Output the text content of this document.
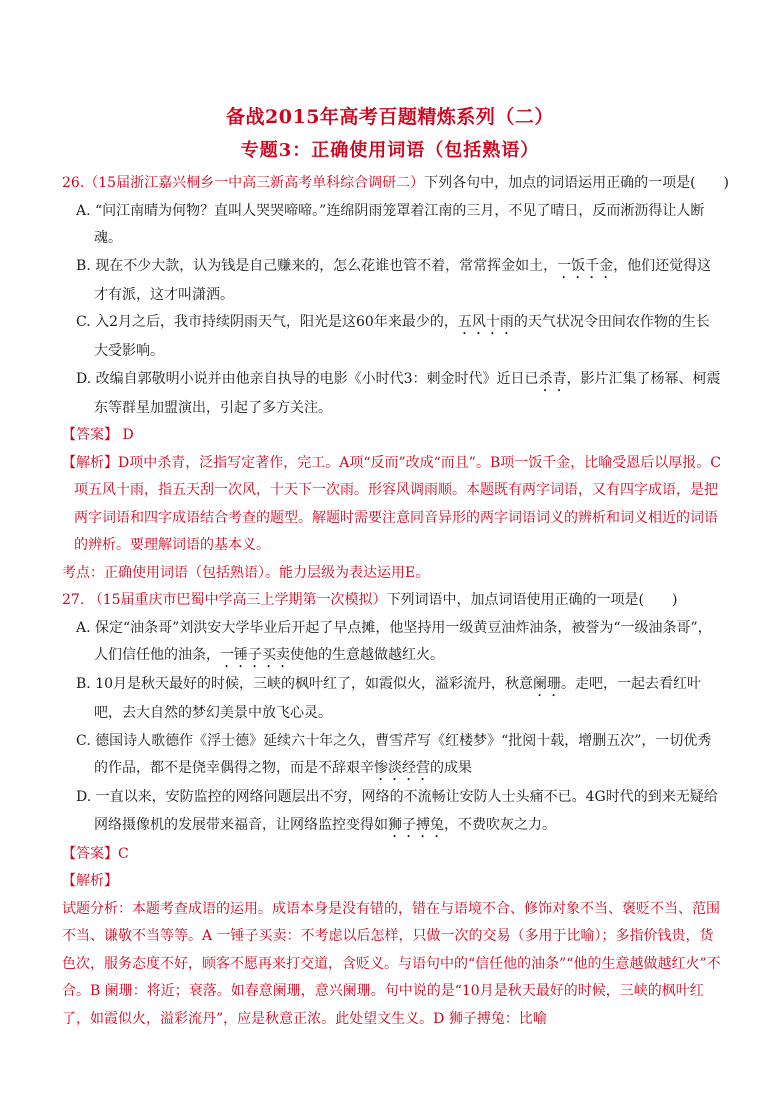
备战2015年高考百题精炼系列（二）
专题3：正确使用词语（包括熟语）

26.（15届浙江嘉兴桐乡一中高三新高考单科综合调研二）下列各句中，加点的词语运用正确的一项是(　　)

A. “问江南晴为何物？直叫人哭哭啼啼。”连绵阴雨笼罩着江南的三月，不见了晴日，反而淅沥得让人断魂。

B. 现在不少大款，认为钱是自己赚来的，怎么花谁也管不着，常常挥金如土，一饭千金，他们还觉得这才有派，这才叫潇洒。

C. 入2月之后，我市持续阴雨天气，阳光是这60年来最少的，五风十雨的天气状况令田间农作物的生长大受影响。

D. 改编自郭敬明小说并由他亲自执导的电影《小时代3：刺金时代》近日已杀青，影片汇集了杨幂、柯震东等群星加盟演出，引起了多方关注。

【答案】 D

【解析】D项中杀青，泛指写定著作，完工。A项“反而”改成“而且”。B项一饭千金，比喻受恩后以厚报。C项五风十雨，指五天刮一次风，十天下一次雨。形容风调雨顺。本题既有两字词语，又有四字成语，是把两字词语和四字成语结合考查的题型。解题时需要注意同音异形的两字词语词义的辨析和词义相近的词语的辨析。要理解词语的基本义。

考点：正确使用词语（包括熟语）。能力层级为表达运用E。

27. （15届重庆市巴蜀中学高三上学期第一次模拟）下列词语中，加点词语使用正确的一项是(　　)

A. 保定“油条哥”刘洪安大学毕业后开起了早点摊，他坚持用一级黄豆油炸油条，被誉为“一级油条哥”，人们信任他的油条，一锤子买卖使他的生意越做越红火。

B. 10月是秋天最好的时候，三峡的枫叶红了，如霞似火，溢彩流丹，秋意阑珊。走吧，一起去看红叶吧，去大自然的梦幻美景中放飞心灵。

C. 德国诗人歌德作《浮士德》延续六十年之久，曹雪芹写《红楼梦》“批阅十载，增删五次”，一切优秀的作品，都不是侥幸偶得之物，而是不辞艰辛惨淡经营的成果

D. 一直以来，安防监控的网络问题层出不穷，网络的不流畅让安防人士头痛不已。4G时代的到来无疑给网络摄像机的发展带来福音，让网络监控变得如狮子搏兔，不费吹灰之力。

【答案】C

【解析】

试题分析：本题考查成语的运用。成语本身是没有错的，错在与语境不合、修饰对象不当、褒贬不当、范围不当、谦敬不当等等。A 一锤子买卖：不考虑以后怎样，只做一次的交易（多用于比喻）；多指价钱贵，货色次，服务态度不好，顾客不愿再来打交道，含贬义。与语句中的“信任他的油条”“他的生意越做越红火”不合。B 阑珊：将近；衰落。如春意阑珊，意兴阑珊。句中说的是“10月是秋天最好的时候，三峡的枫叶红了，如霞似火，溢彩流丹”，应是秋意正浓。此处望文生义。D 狮子搏兔：比喻
